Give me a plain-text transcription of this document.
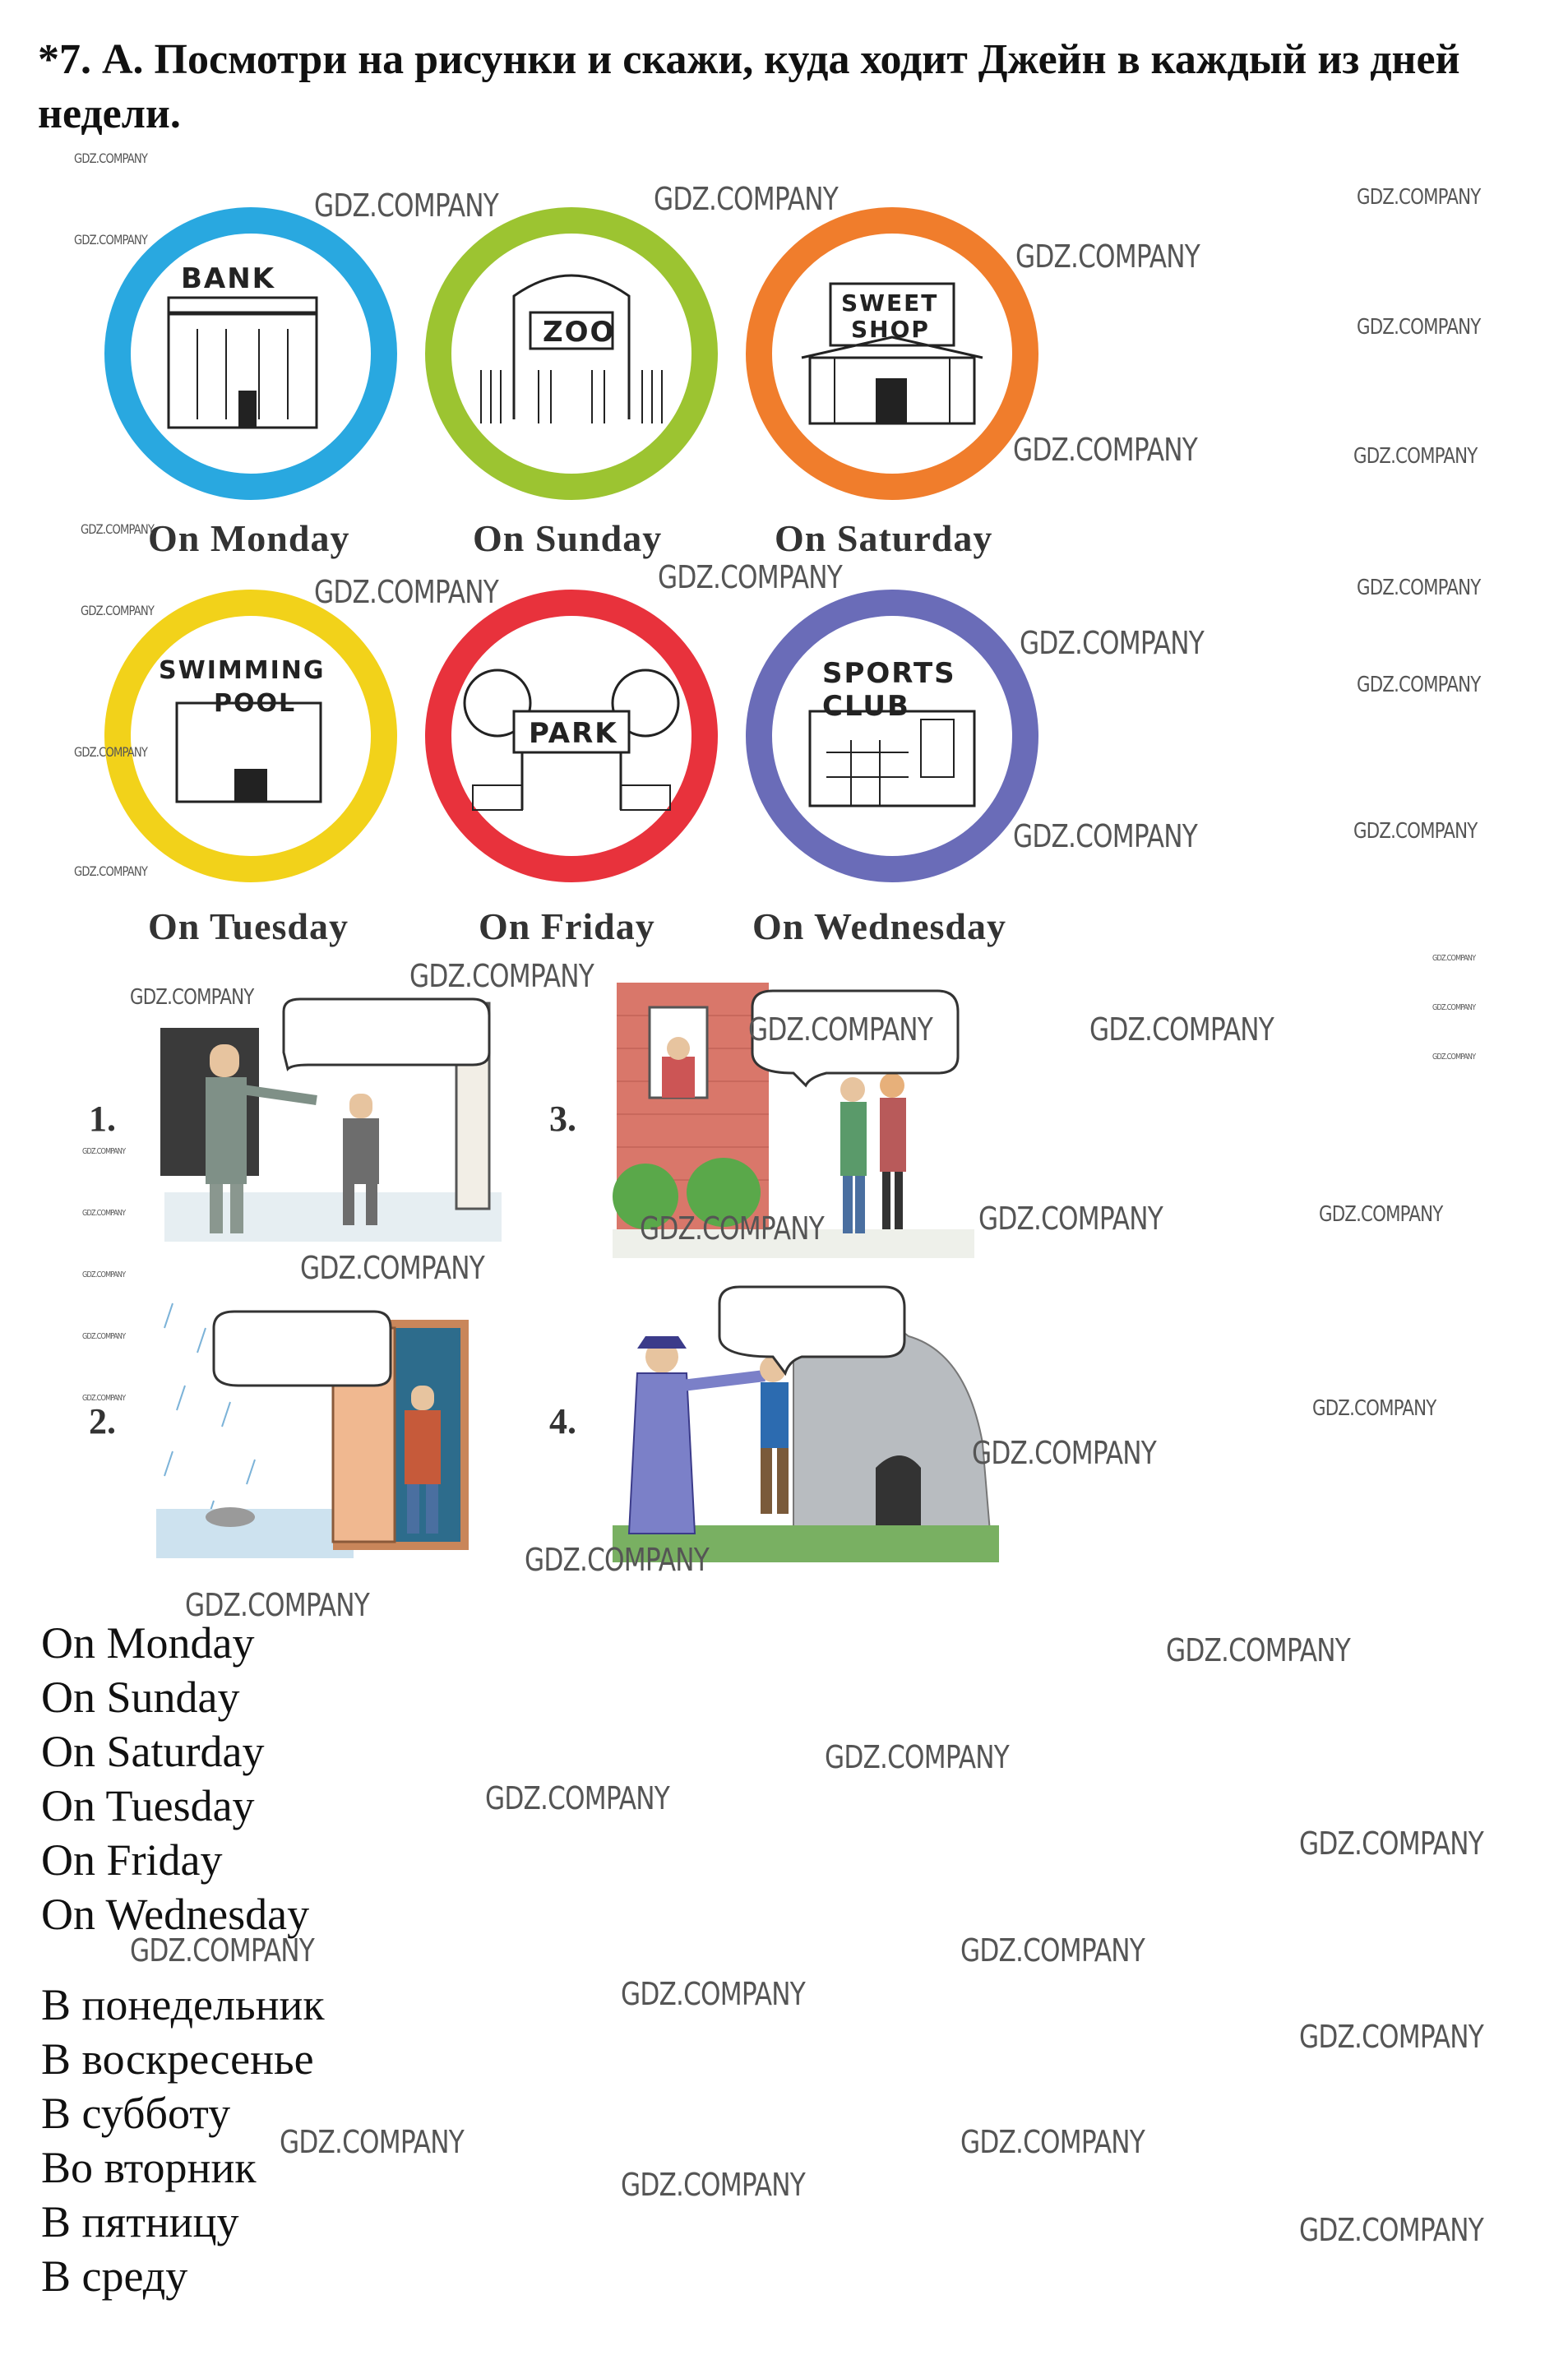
*7. А. Посмотри на рисунки и скажи, куда ходит Джейн в каждый из дней недели.
BANK
ZOO
SWEET
SHOP
On Monday	On Sunday	On Saturday
SWIMMING
POOL
PARK
SPORTS
CLUB
On Tuesday	On Friday	On Wednesday
1.
2.
3.
4.
On Monday
On Sunday
On Saturday
On Tuesday
On Friday
On Wednesday
В понедельник
В воскресенье
В субботу
Во вторник
В пятницу
В среду
GDZ.COMPANY	GDZ.COMPANY
GDZ.COMPANY
GDZ.COMPANY
GDZ.COMPANY
GDZ.COMPANY	GDZ.COMPANY
GDZ.COMPANY
GDZ.COMPANY
GDZ.COMPANY
GDZ.COMPANY
GDZ.COMPANY
GDZ.COMPANY	GDZ.COMPANY
GDZ.COMPANY
GDZ.COMPANY
GDZ.COMPANY	GDZ.COMPANY
GDZ.COMPANY	GDZ.COMPANY	GDZ.COMPANY
GDZ.COMPANY
GDZ.COMPANY
GDZ.COMPANY
GDZ.COMPANY
GDZ.COMPANY
GDZ.COMPANY
GDZ.COMPANY
GDZ.COMPANY
GDZ.COMPANY
GDZ.COMPANY	GDZ.COMPANY
GDZ.COMPANY
GDZ.COMPANY
GDZ.COMPANY	GDZ.COMPANY
GDZ.COMPANY
GDZ.COMPANY
GDZ.COMPANY
GDZ.COMPANY
GDZ.COMPANY
GDZ.COMPANY
GDZ.COMPANY
GDZ.COMPANY
GDZ.COMPANY
GDZ.COMPANY
GDZ.COMPANY
GDZ.COMPANY
GDZ.COMPANY
GDZ.COMPANY
GDZ.COMPANY
GDZ.COMPANY
